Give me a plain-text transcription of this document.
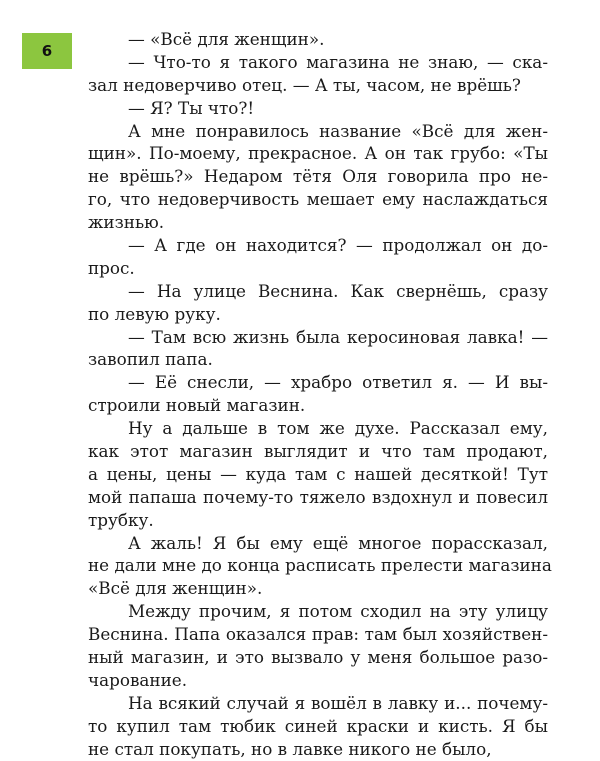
6
— «Всё для женщин».
— Что-то я такого магазина не знаю, — ска-
зал недоверчиво отец. — А ты, часом, не врёшь?
— Я? Ты что?!
А мне понравилось название «Всё для жен-
щин». По-моему, прекрасное. А он так грубо: «Ты
не врёшь?» Недаром тётя Оля говорила про не-
го, что недоверчивость мешает ему наслаждаться
жизнью.
— А где он находится? — продолжал он до-
прос.
— На улице Веснина. Как свернёшь, сразу
по левую руку.
— Там всю жизнь была керосиновая лавка! —
завопил папа.
— Её снесли, — храбро ответил я. — И вы-
строили новый магазин.
Ну а дальше в том же духе. Рассказал ему,
как этот магазин выглядит и что там продают,
а цены, цены — куда там с нашей десяткой! Тут
мой папаша почему-то тяжело вздохнул и повесил
трубку.
А жаль! Я бы ему ещё многое порассказал,
не дали мне до конца расписать прелести магазина
«Всё для женщин».
Между прочим, я потом сходил на эту улицу
Веснина. Папа оказался прав: там был хозяйствен-
ный магазин, и это вызвало у меня большое разо-
чарование.
На всякий случай я вошёл в лавку и... почему-
то купил там тюбик синей краски и кисть. Я бы
не стал покупать, но в лавке никого не было,
